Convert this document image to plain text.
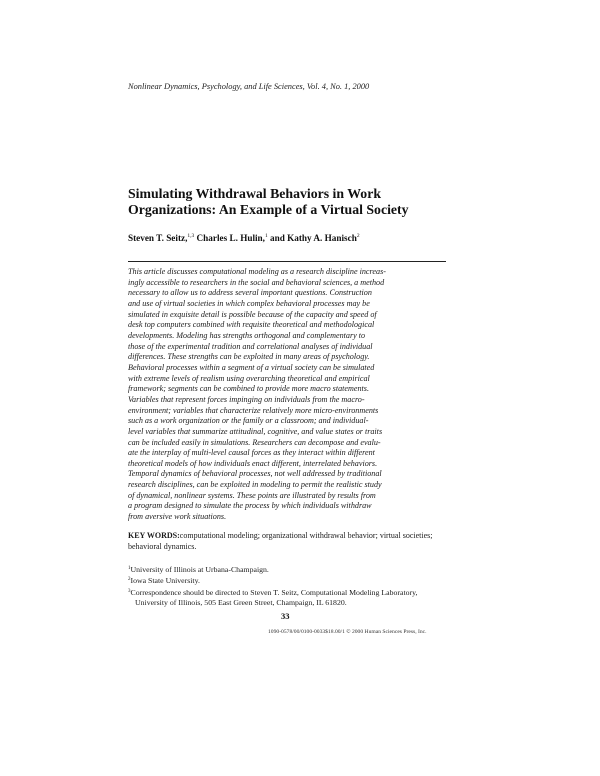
Nonlinear Dynamics, Psychology, and Life Sciences, Vol. 4, No. 1, 2000
Simulating Withdrawal Behaviors in Work Organizations: An Example of a Virtual Society
Steven T. Seitz,$^{1,3}$ Charles L. Hulin,$^1$ and Kathy A. Hanisch$^2$
This article discusses computational modeling as a research discipline increas-
ingly accessible to researchers in the social and behavioral sciences, a method
necessary to allow us to address several important questions. Construction
and use of virtual societies in which complex behavioral processes may be
simulated in exquisite detail is possible because of the capacity and speed of
desk top computers combined with requisite theoretical and methodological
developments. Modeling has strengths orthogonal and complementary to
those of the experimental tradition and correlational analyses of individual
differences. These strengths can be exploited in many areas of psychology.
Behavioral processes within a segment of a virtual society can be simulated
with extreme levels of realism using overarching theoretical and empirical
framework; segments can be combined to provide more macro statements.
Variables that represent forces impinging on individuals from the macro-
environment; variables that characterize relatively more micro-environments
such as a work organization or the family or a classroom; and individual-
level variables that summarize attitudinal, cognitive, and value states or traits
can be included easily in simulations. Researchers can decompose and evalu-
ate the interplay of multi-level causal forces as they interact within different
theoretical models of how individuals enact different, interrelated behaviors.
Temporal dynamics of behavioral processes, not well addressed by traditional
research disciplines, can be exploited in modeling to permit the realistic study
of dynamical, nonlinear systems. These points are illustrated by results from
a program designed to simulate the process by which individuals withdraw
from aversive work situations.
KEY WORDS:computational modeling; organizational withdrawal behavior; virtual societies;
behavioral dynamics.
$^1$University of Illinois at Urbana-Champaign.
$^2$Iowa State University.
$^3$Correspondence should be directed to Steven T. Seitz, Computational Modeling Laboratory,
University of Illinois, 505 East Green Street, Champaign, IL 61820.
33
1090-0578/00/0100-0033$18.00/1 © 2000 Human Sciences Press, Inc.
